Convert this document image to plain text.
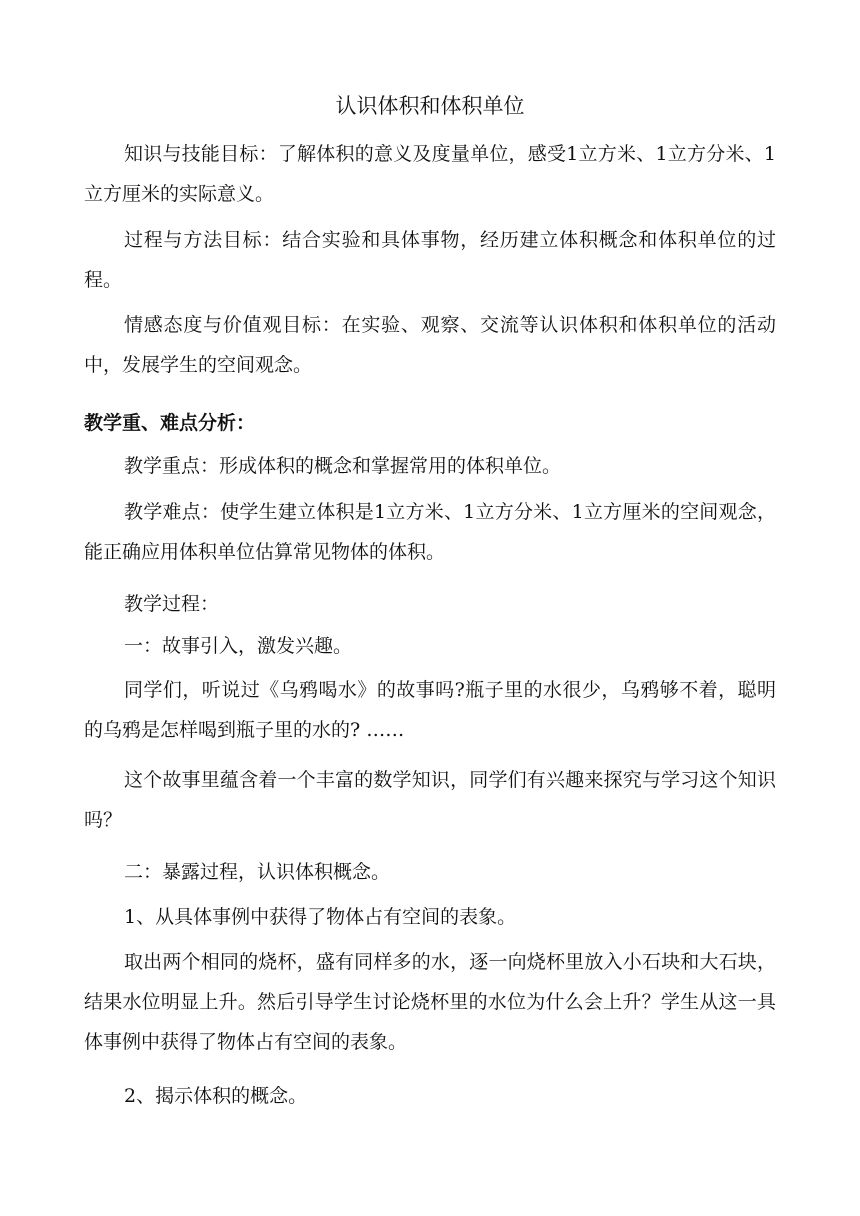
认识体积和体积单位

知识与技能目标：了解体积的意义及度量单位，感受1立方米、1立方分米、1立方厘米的实际意义。

过程与方法目标：结合实验和具体事物，经历建立体积概念和体积单位的过程。

情感态度与价值观目标：在实验、观察、交流等认识体积和体积单位的活动中，发展学生的空间观念。

教学重、难点分析：

教学重点：形成体积的概念和掌握常用的体积单位。

教学难点：使学生建立体积是1立方米、1立方分米、1立方厘米的空间观念，能正确应用体积单位估算常见物体的体积。

教学过程：

一：故事引入，激发兴趣。

同学们，听说过《乌鸦喝水》的故事吗?瓶子里的水很少，乌鸦够不着，聪明的乌鸦是怎样喝到瓶子里的水的? ……

这个故事里蕴含着一个丰富的数学知识，同学们有兴趣来探究与学习这个知识吗？

二：暴露过程，认识体积概念。

1、从具体事例中获得了物体占有空间的表象。

取出两个相同的烧杯，盛有同样多的水，逐一向烧杯里放入小石块和大石块，结果水位明显上升。然后引导学生讨论烧杯里的水位为什么会上升？学生从这一具体事例中获得了物体占有空间的表象。

2、揭示体积的概念。
